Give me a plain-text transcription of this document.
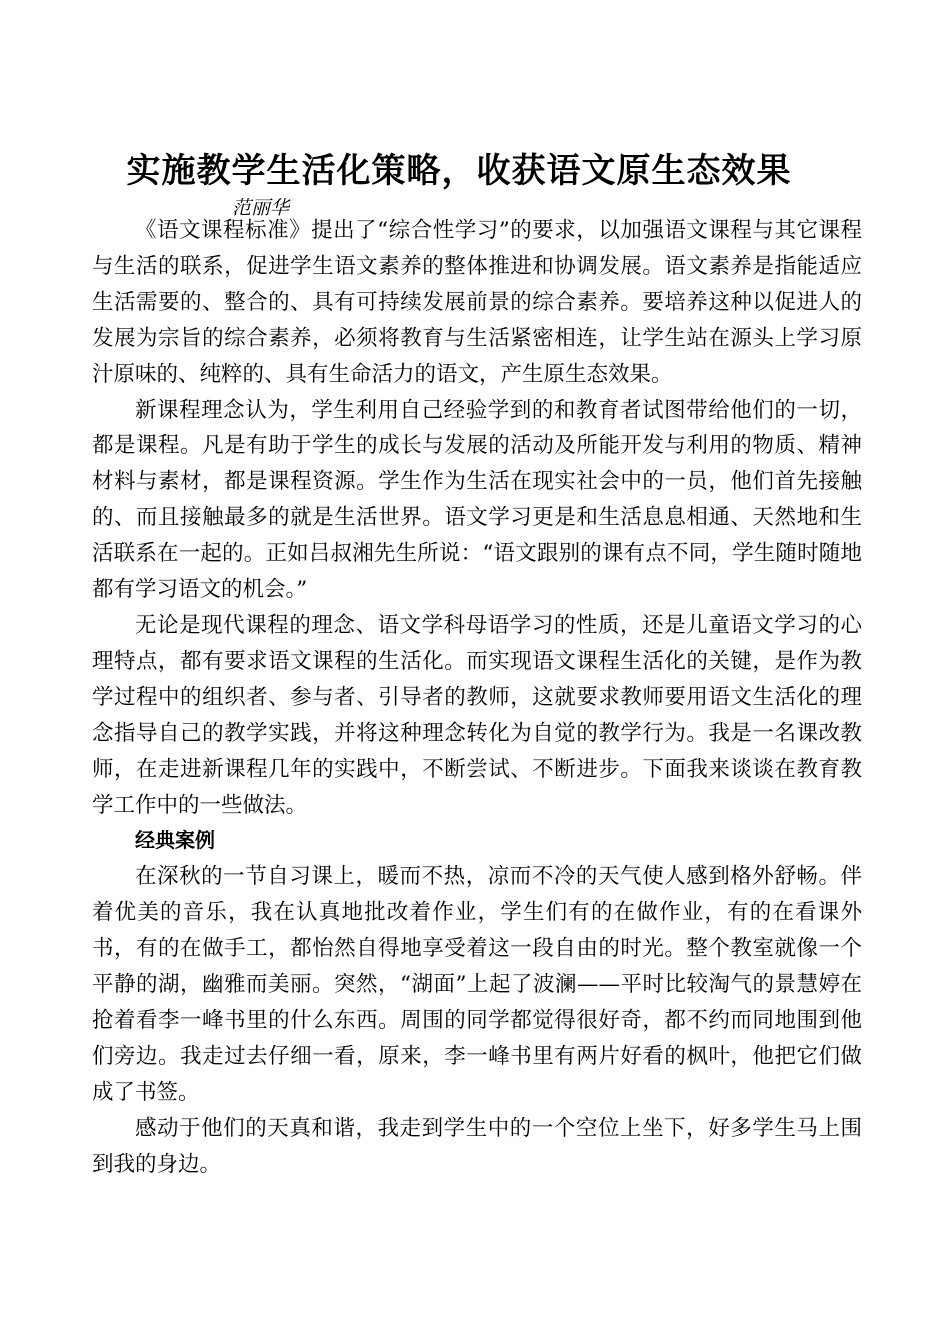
实施教学生活化策略，收获语文原生态效果

范丽华

《语文课程标准》提出了“综合性学习”的要求，以加强语文课程与其它课程与生活的联系，促进学生语文素养的整体推进和协调发展。语文素养是指能适应生活需要的、整合的、具有可持续发展前景的综合素养。要培养这种以促进人的发展为宗旨的综合素养，必须将教育与生活紧密相连，让学生站在源头上学习原汁原味的、纯粹的、具有生命活力的语文，产生原生态效果。

新课程理念认为，学生利用自己经验学到的和教育者试图带给他们的一切，都是课程。凡是有助于学生的成长与发展的活动及所能开发与利用的物质、精神材料与素材，都是课程资源。学生作为生活在现实社会中的一员，他们首先接触的、而且接触最多的就是生活世界。语文学习更是和生活息息相通、天然地和生活联系在一起的。正如吕叔湘先生所说：“语文跟别的课有点不同，学生随时随地都有学习语文的机会。”

无论是现代课程的理念、语文学科母语学习的性质，还是儿童语文学习的心理特点，都有要求语文课程的生活化。而实现语文课程生活化的关键，是作为教学过程中的组织者、参与者、引导者的教师，这就要求教师要用语文生活化的理念指导自己的教学实践，并将这种理念转化为自觉的教学行为。我是一名课改教师，在走进新课程几年的实践中，不断尝试、不断进步。下面我来谈谈在教育教学工作中的一些做法。

经典案例

在深秋的一节自习课上，暖而不热，凉而不冷的天气使人感到格外舒畅。伴着优美的音乐，我在认真地批改着作业，学生们有的在做作业，有的在看课外书，有的在做手工，都怡然自得地享受着这一段自由的时光。整个教室就像一个平静的湖，幽雅而美丽。突然，“湖面”上起了波澜——平时比较淘气的景慧婷在抢着看李一峰书里的什么东西。周围的同学都觉得很好奇，都不约而同地围到他们旁边。我走过去仔细一看，原来，李一峰书里有两片好看的枫叶，他把它们做成了书签。

感动于他们的天真和谐，我走到学生中的一个空位上坐下，好多学生马上围到我的身边。
